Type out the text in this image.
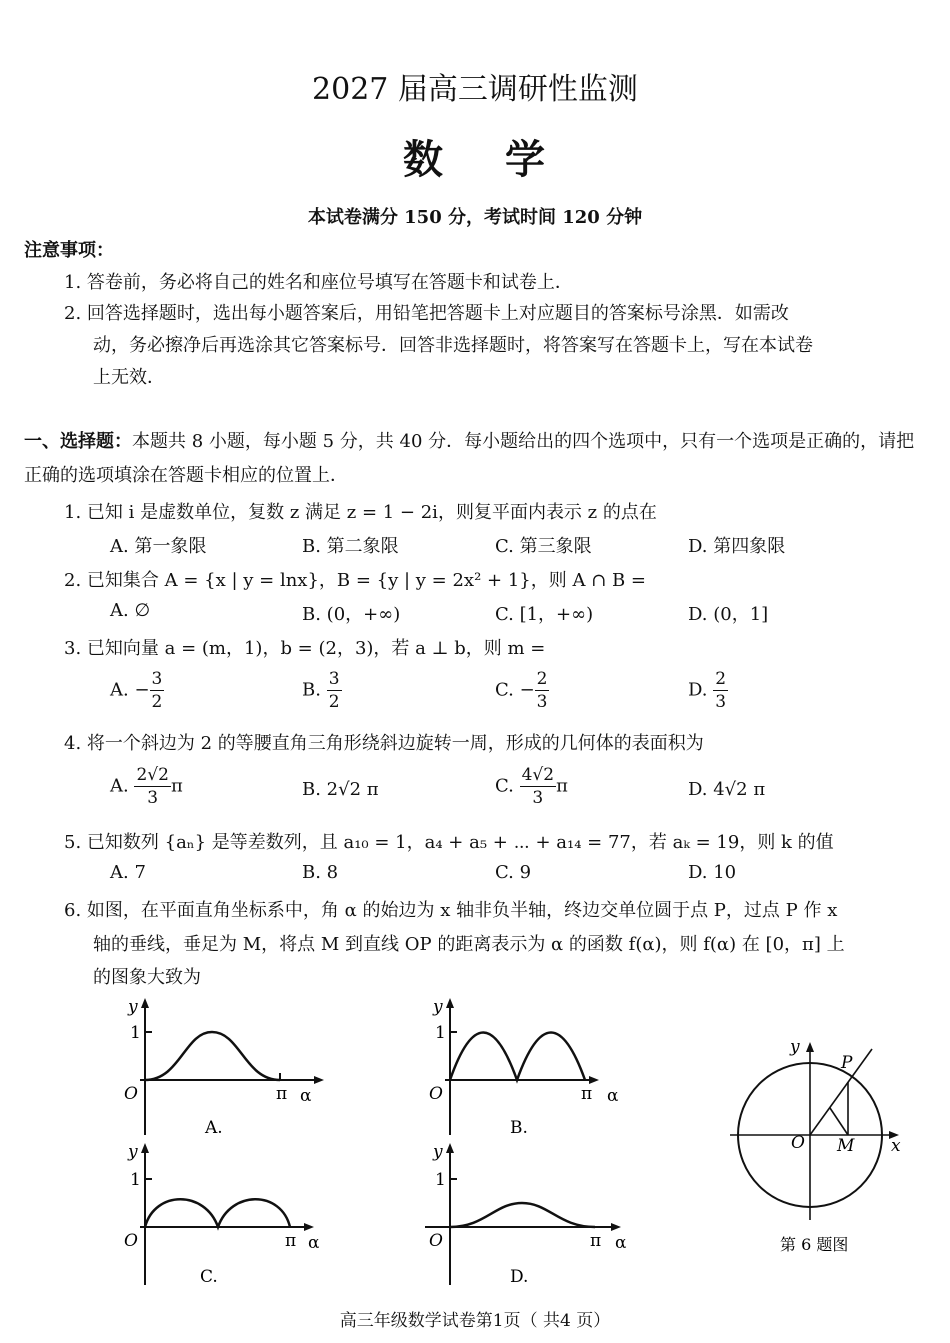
2027 届高三调研性监测
数 学
本试卷满分 150 分，考试时间 120 分钟
注意事项：
1. 答卷前，务必将自己的姓名和座位号填写在答题卡和试卷上．
2. 回答选择题时，选出每小题答案后，用铅笔把答题卡上对应题目的答案标号涂黑．如需改
动，务必擦净后再选涂其它答案标号．回答非选择题时，将答案写在答题卡上，写在本试卷
上无效．
一、选择题：本题共 8 小题，每小题 5 分，共 40 分．每小题给出的四个选项中，只有一个选项是正确的，请把正确的选项填涂在答题卡相应的位置上．
1. 已知 i 是虚数单位，复数 z 满足 z = 1 − 2i，则复平面内表示 z 的点在
A. 第一象限	B. 第二象限	C. 第三象限	D. 第四象限
2. 已知集合 A = {x | y = lnx}，B = {y | y = 2x² + 1}，则 A ∩ B =
A. ∅	B. (0，+∞)	C. [1，+∞)	D. (0，1]
3. 已知向量 a = (m，1)，b = (2，3)，若 a ⊥ b，则 m =
A. − $\frac{3}{2}$	B. $\frac{3}{2}$	C. − $\frac{2}{3}$	D. $\frac{2}{3}$
4. 将一个斜边为 2 的等腰直角三角形绕斜边旋转一周，形成的几何体的表面积为
A. $\frac{2√2}{3}$ π	B. 2√2 π	C. $\frac{4√2}{3}$ π	D. 4√2 π
5. 已知数列 {aₙ} 是等差数列，且 a₁₀ = 1，a₄ + a₅ + ⋯ + a₁₄ = 77，若 aₖ = 19，则 k 的值
A. 7	B. 8	C. 9	D. 10
6. 如图，在平面直角坐标系中，角 α 的始边为 x 轴非负半轴，终边交单位圆于点 P，过点 P 作 x
轴的垂线，垂足为 M，将点 M 到直线 OP 的距离表示为 α 的函数 f(α)，则 f(α) 在 [0，π] 上
的图象大致为
y
1
O	π α
A.
y
1
O	π α
B.
y
1
O	π α
C.
y
1
O	π α
D.
y
x
O
P
M
第 6 题图
高三年级数学试卷第1页（ 共4 页）
